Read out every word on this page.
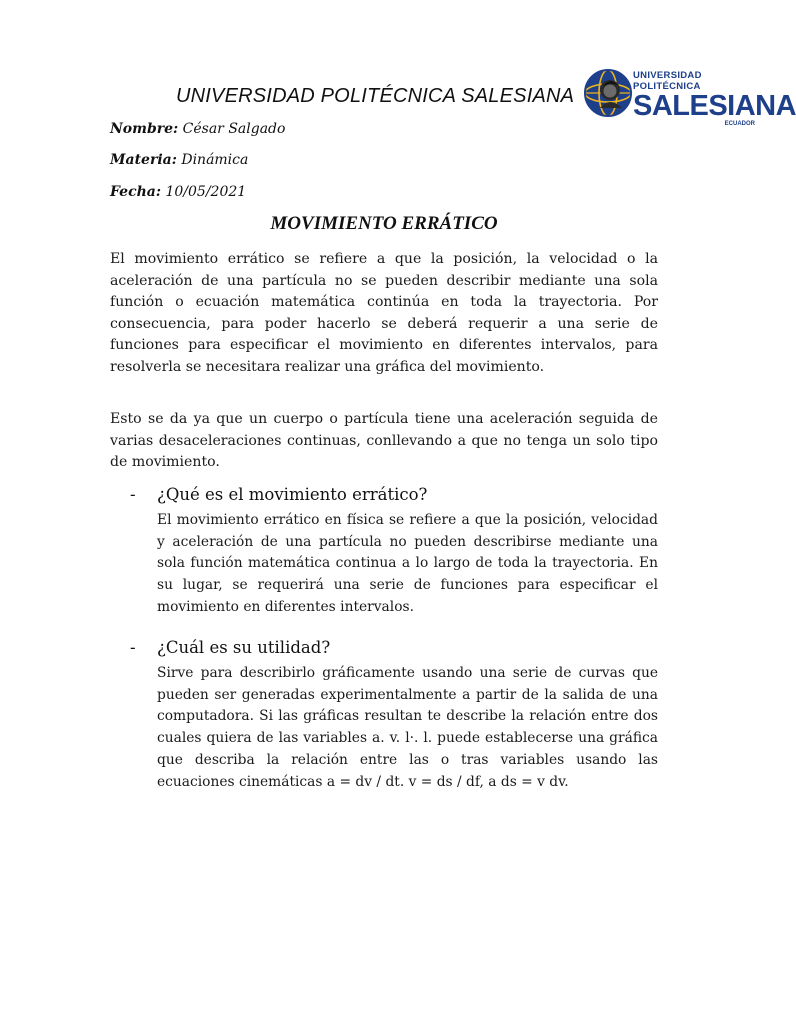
UNIVERSIDAD POLITÉCNICA SALESIANA
UNIVERSIDAD POLITÉCNICA
SALESIANA
ECUADOR
Nombre: César Salgado
Materia: Dinámica
Fecha: 10/05/2021
MOVIMIENTO ERRÁTICO

El movimiento errático se refiere a que la posición, la velocidad o la aceleración de una partícula no se pueden describir mediante una sola función o ecuación matemática continúa en toda la trayectoria. Por consecuencia, para poder hacerlo se deberá requerir a una serie de funciones para especificar el movimiento en diferentes intervalos, para resolverla se necesitara realizar una gráfica del movimiento.

Esto se da ya que un cuerpo o partícula tiene una aceleración seguida de varias desaceleraciones continuas, conllevando a que no tenga un solo tipo de movimiento.

- ¿Qué es el movimiento errático?

El movimiento errático en física se refiere a que la posición, velocidad y aceleración de una partícula no pueden describirse mediante una sola función matemática continua a lo largo de toda la trayectoria. En su lugar, se requerirá una serie de funciones para especificar el movimiento en diferentes intervalos.

- ¿Cuál es su utilidad?

Sirve para describirlo gráficamente usando una serie de curvas que pueden ser generadas experimentalmente a partir de la salida de una computadora. Si las gráficas resultan te describe la relación entre dos cuales quiera de las variables a. v. l·. l. puede establecerse una gráfica que describa la relación entre las o tras variables usando las ecuaciones cinemáticas a = dv / dt. v = ds / df, a ds = v dv.
